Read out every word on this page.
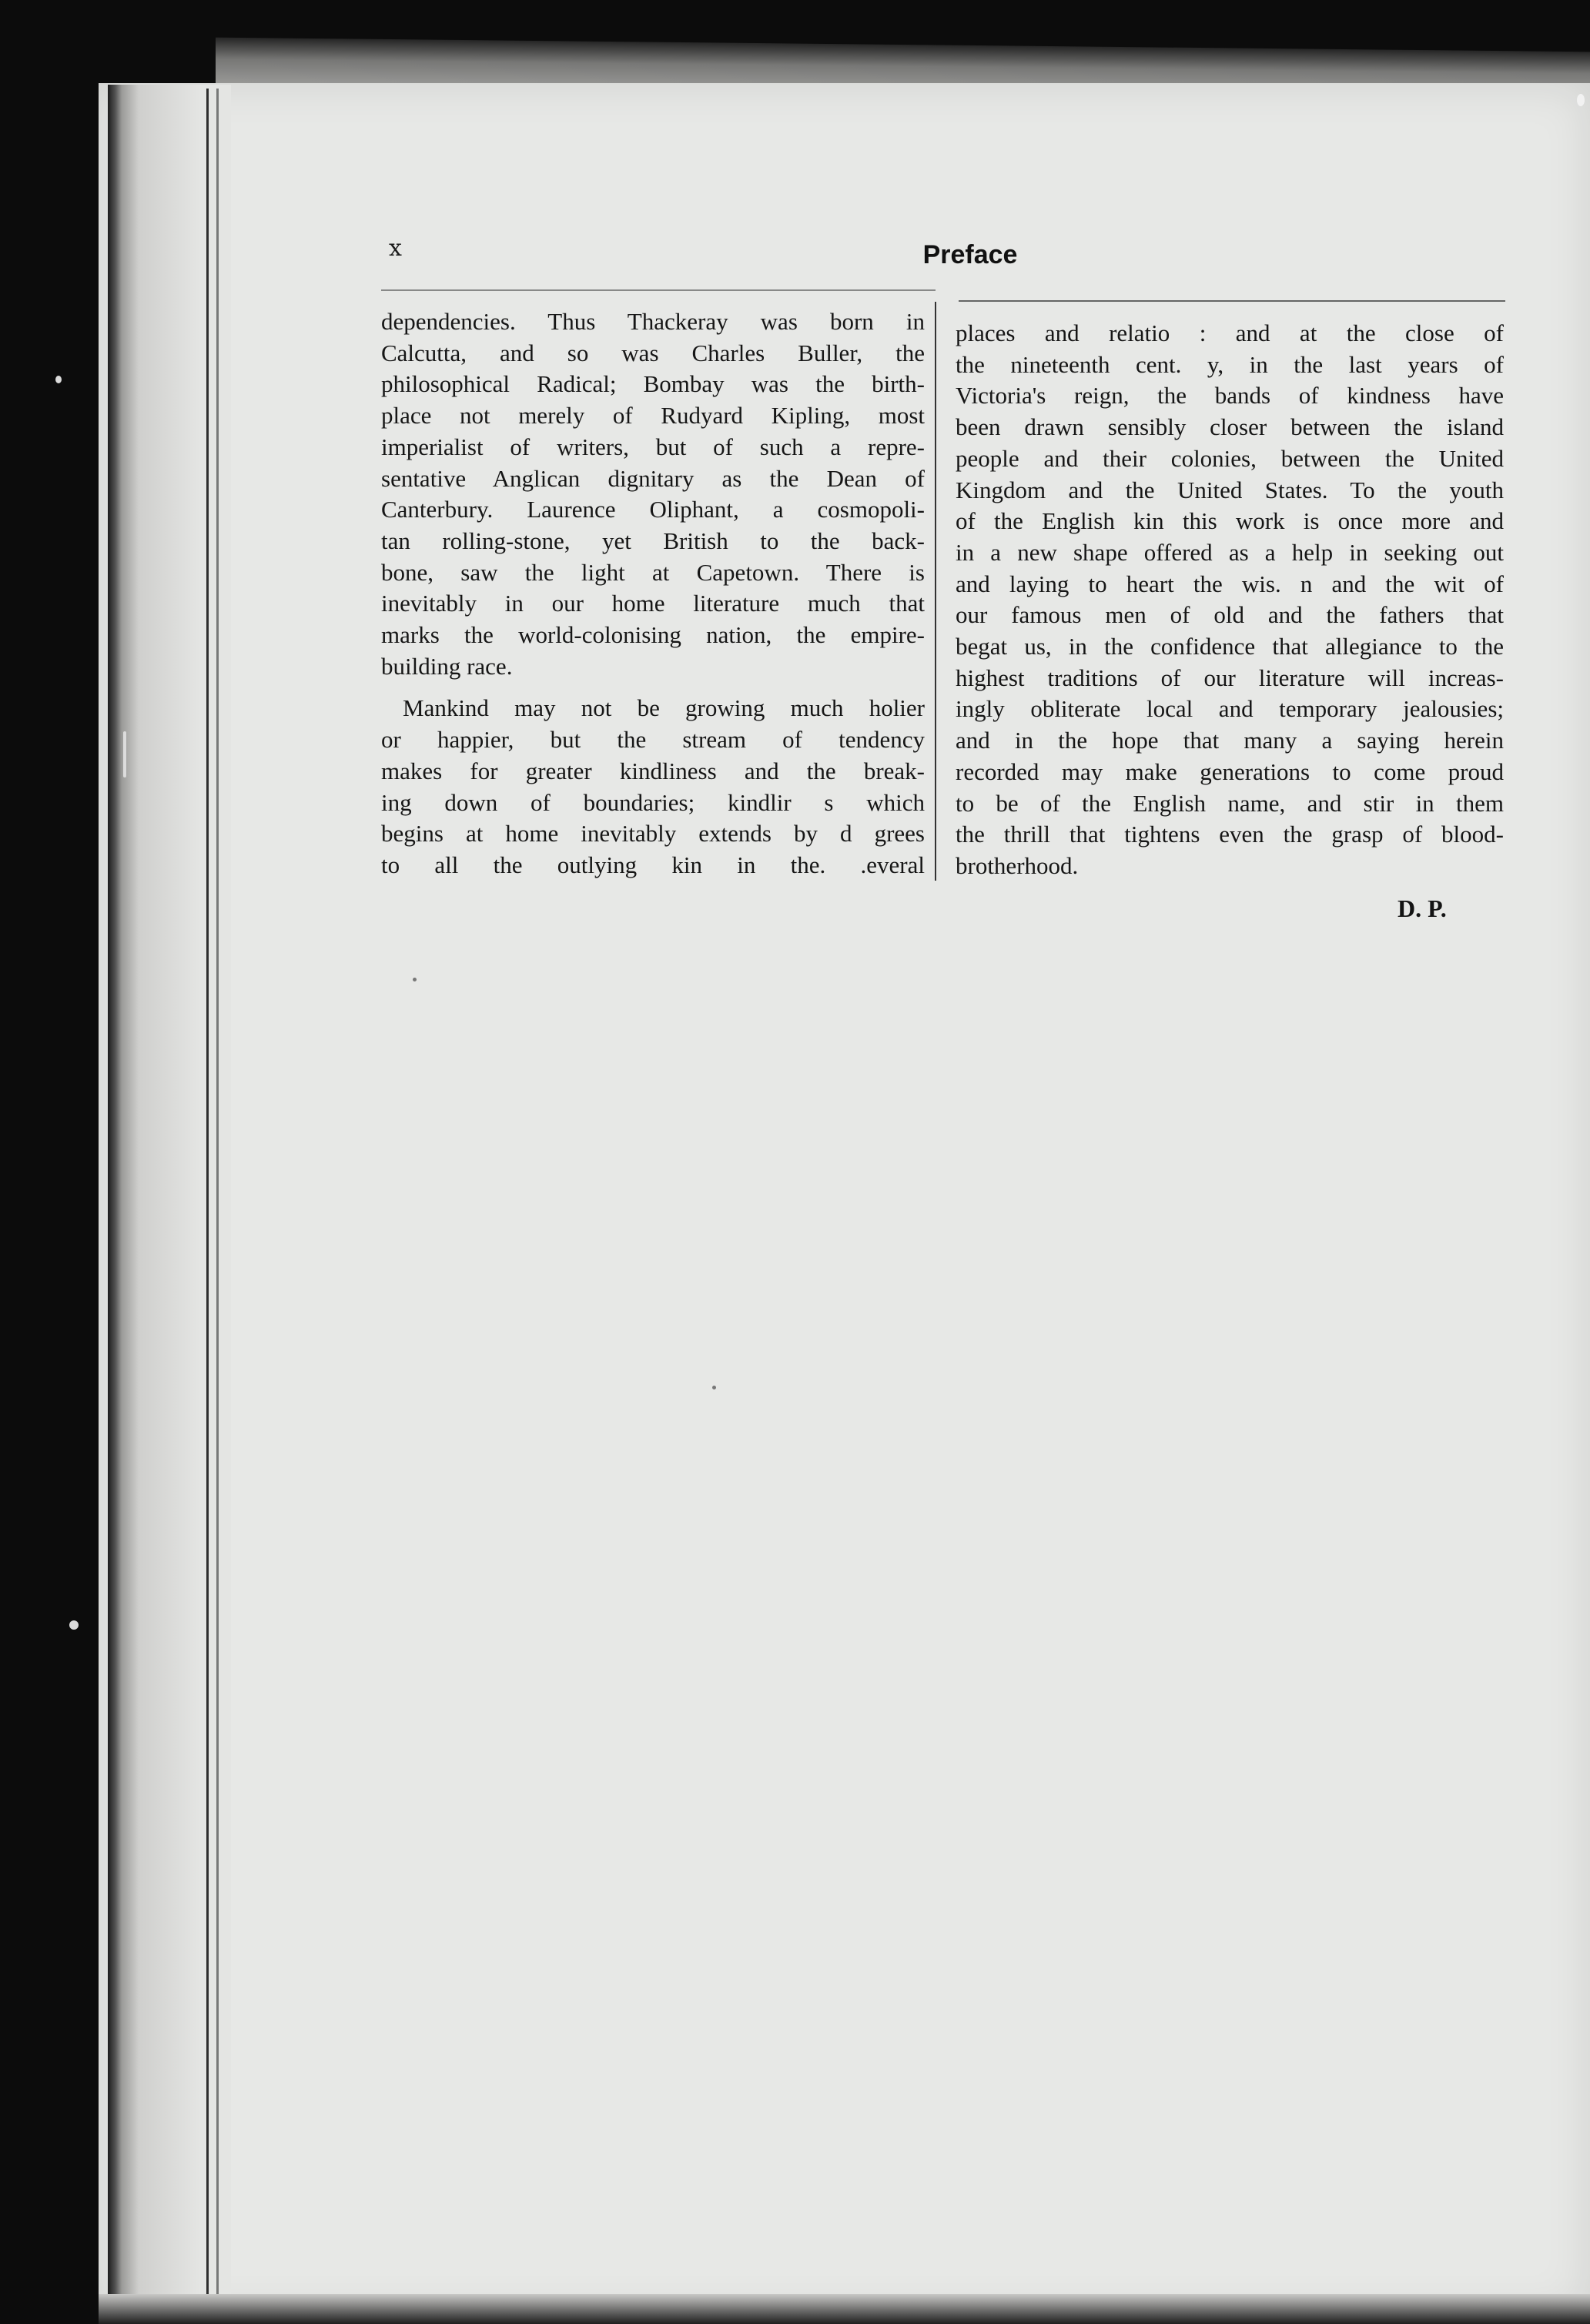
x	Preface
dependencies. Thus Thackeray was born in
Calcutta, and so was Charles Buller, the
philosophical Radical; Bombay was the birth-
place not merely of Rudyard Kipling, most
imperialist of writers, but of such a repre-
sentative Anglican dignitary as the Dean of
Canterbury. Laurence Oliphant, a cosmopoli-
tan rolling-stone, yet British to the back-
bone, saw the light at Capetown. There is
inevitably in our home literature much that
marks the world-colonising nation, the empire-
building race.
Mankind may not be growing much holier
or happier, but the stream of tendency
makes for greater kindliness and the break-
ing down of boundaries; kindlir s which
begins at home inevitably extends by d grees
to all the outlying kin in the. .everal
places and relatio : and at the close of
the nineteenth cent. y, in the last years of
Victoria's reign, the bands of kindness have
been drawn sensibly closer between the island
people and their colonies, between the United
Kingdom and the United States. To the youth
of the English kin this work is once more and
in a new shape offered as a help in seeking out
and laying to heart the wis. n and the wit of
our famous men of old and the fathers that
begat us, in the confidence that allegiance to the
highest traditions of our literature will increas-
ingly obliterate local and temporary jealousies;
and in the hope that many a saying herein
recorded may make generations to come proud
to be of the English name, and stir in them
the thrill that tightens even the grasp of blood-
brotherhood.
D. P.
